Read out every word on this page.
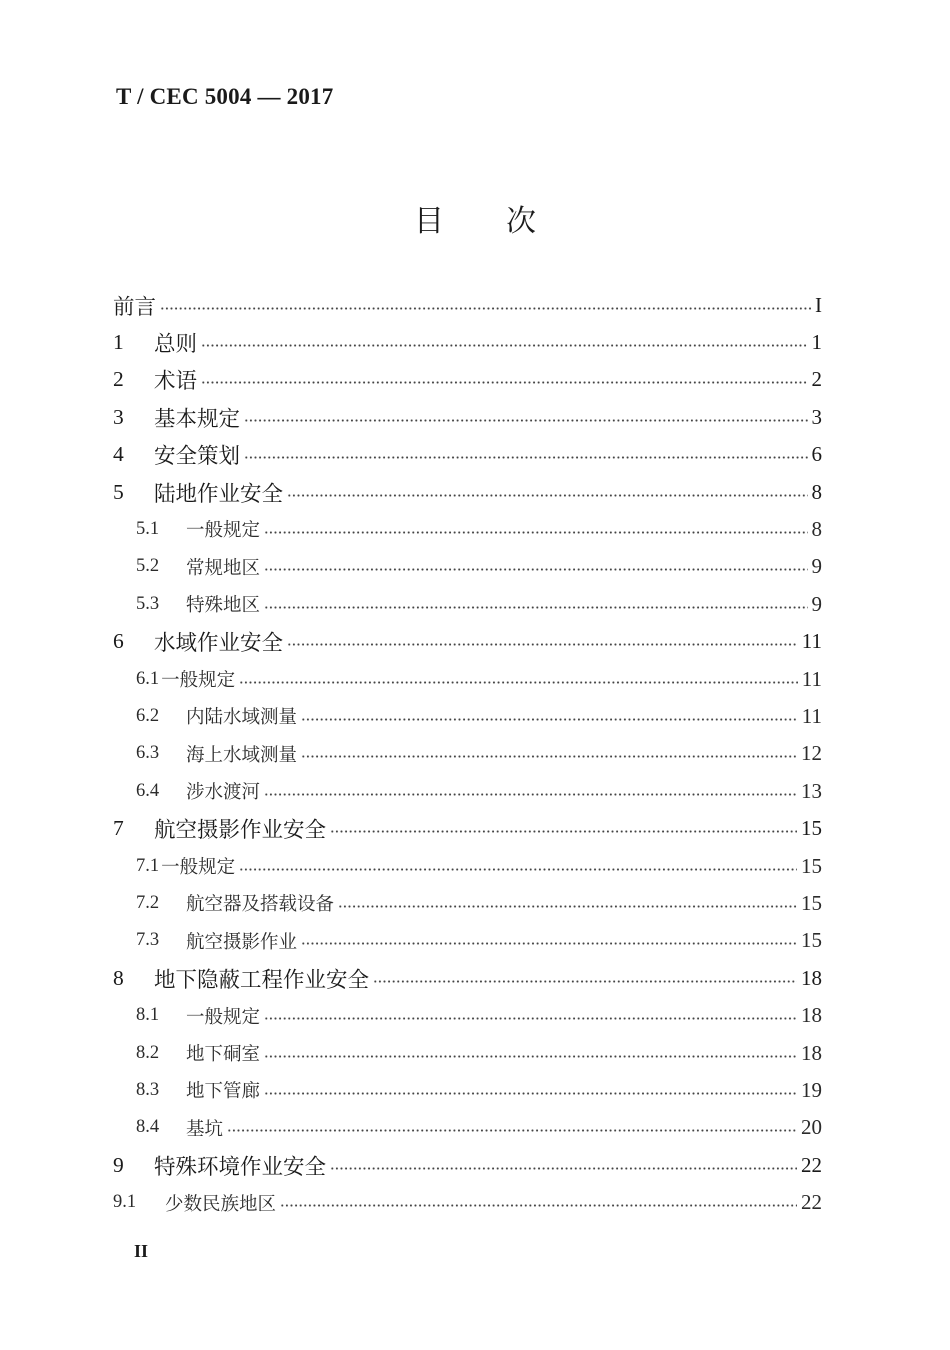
T / CEC 5004 — 2017
目次
前言	I
1	总则	1
2	术语	2
3	基本规定	3
4	安全策划	6
5	陆地作业安全	8
5.1	一般规定	8
5.2	常规地区	9
5.3	特殊地区	9
6	水域作业安全	11
6.1 一般规定	11
6.2	内陆水域测量	11
6.3	海上水域测量	12
6.4	涉水渡河	13
7	航空摄影作业安全	15
7.1 一般规定	15
7.2	航空器及搭载设备	15
7.3	航空摄影作业	15
8	地下隐蔽工程作业安全	18
8.1	一般规定	18
8.2	地下硐室	18
8.3	地下管廊	19
8.4	基坑	20
9	特殊环境作业安全	22
9.1	少数民族地区	22
II
